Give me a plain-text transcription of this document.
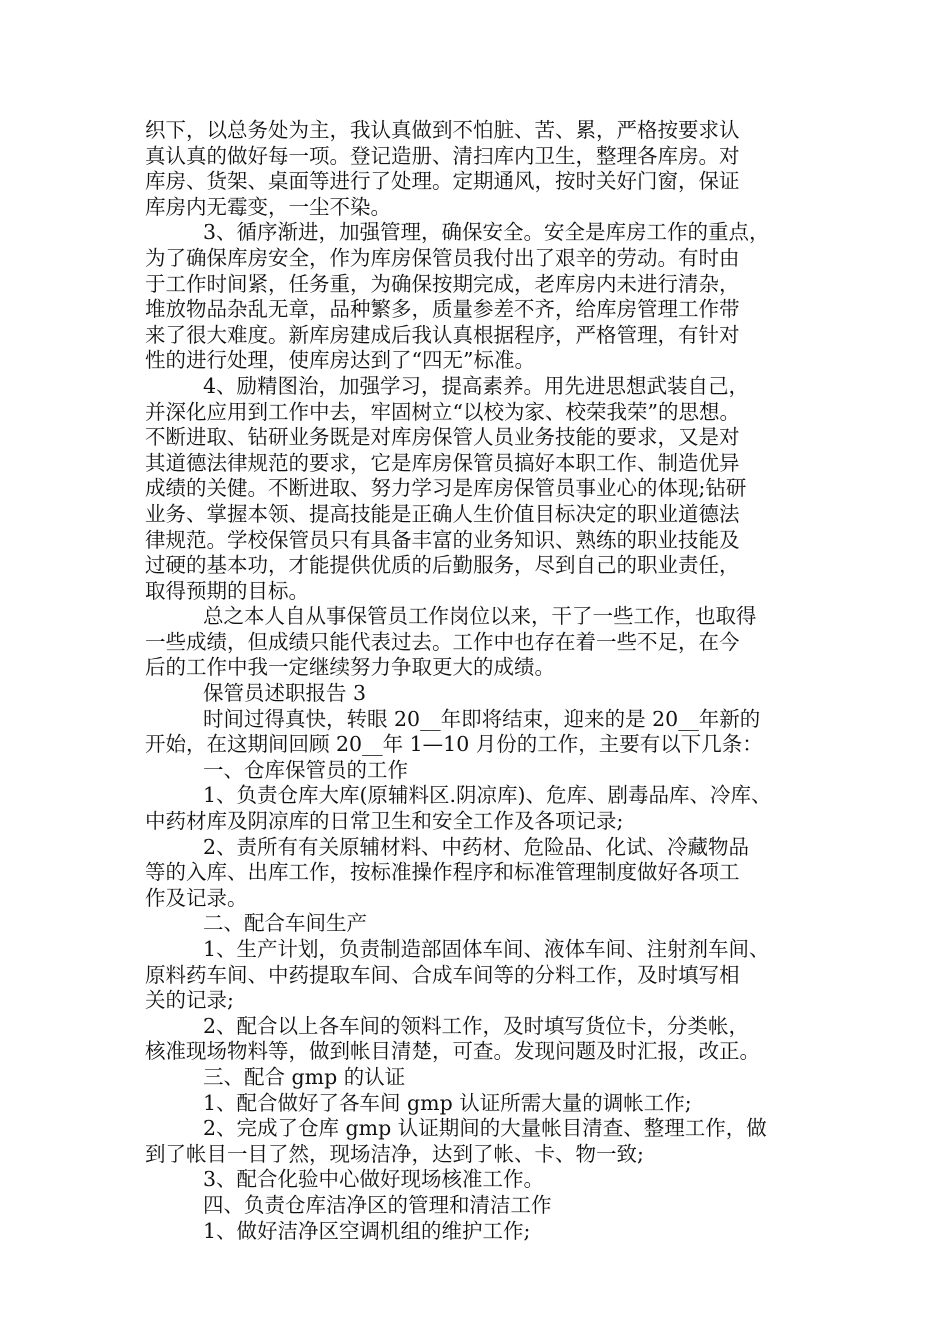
织下，以总务处为主，我认真做到不怕脏、苦、累，严格按要求认
真认真的做好每一项。登记造册、清扫库内卫生，整理各库房。对
库房、货架、桌面等进行了处理。定期通风，按时关好门窗，保证
库房内无霉变，一尘不染。
3、循序渐进，加强管理，确保安全。安全是库房工作的重点，
为了确保库房安全，作为库房保管员我付出了艰辛的劳动。有时由
于工作时间紧，任务重，为确保按期完成，老库房内未进行清杂，
堆放物品杂乱无章，品种繁多，质量参差不齐，给库房管理工作带
来了很大难度。新库房建成后我认真根据程序，严格管理，有针对
性的进行处理，使库房达到了“四无”标准。
4、励精图治，加强学习，提高素养。用先进思想武装自己，
并深化应用到工作中去，牢固树立“以校为家、校荣我荣”的思想。
不断进取、钻研业务既是对库房保管人员业务技能的要求，又是对
其道德法律规范的要求，它是库房保管员搞好本职工作、制造优异
成绩的关健。不断进取、努力学习是库房保管员事业心的体现;钻研
业务、掌握本领、提高技能是正确人生价值目标决定的职业道德法
律规范。学校保管员只有具备丰富的业务知识、熟练的职业技能及
过硬的基本功，才能提供优质的后勤服务，尽到自己的职业责任，
取得预期的目标。
总之本人自从事保管员工作岗位以来，干了一些工作，也取得
一些成绩，但成绩只能代表过去。工作中也存在着一些不足，在今
后的工作中我一定继续努力争取更大的成绩。
保管员述职报告 3
时间过得真快，转眼 20__年即将结束，迎来的是 20__年新的
开始，在这期间回顾 20__年 1—10 月份的工作，主要有以下几条：
一、仓库保管员的工作
1、负责仓库大库(原辅料区.阴凉库)、危库、剧毒品库、冷库、
中药材库及阴凉库的日常卫生和安全工作及各项记录;
2、责所有有关原辅材料、中药材、危险品、化试、冷藏物品
等的入库、出库工作，按标准操作程序和标准管理制度做好各项工
作及记录。
二、配合车间生产
1、生产计划，负责制造部固体车间、液体车间、注射剂车间、
原料药车间、中药提取车间、合成车间等的分料工作，及时填写相
关的记录;
2、配合以上各车间的领料工作，及时填写货位卡，分类帐，
核准现场物料等，做到帐目清楚，可查。发现问题及时汇报，改正。
三、配合 gmp 的认证
1、配合做好了各车间 gmp 认证所需大量的调帐工作;
2、完成了仓库 gmp 认证期间的大量帐目清查、整理工作，做
到了帐目一目了然，现场洁净，达到了帐、卡、物一致;
3、配合化验中心做好现场核准工作。
四、负责仓库洁净区的管理和清洁工作
1、做好洁净区空调机组的维护工作;
